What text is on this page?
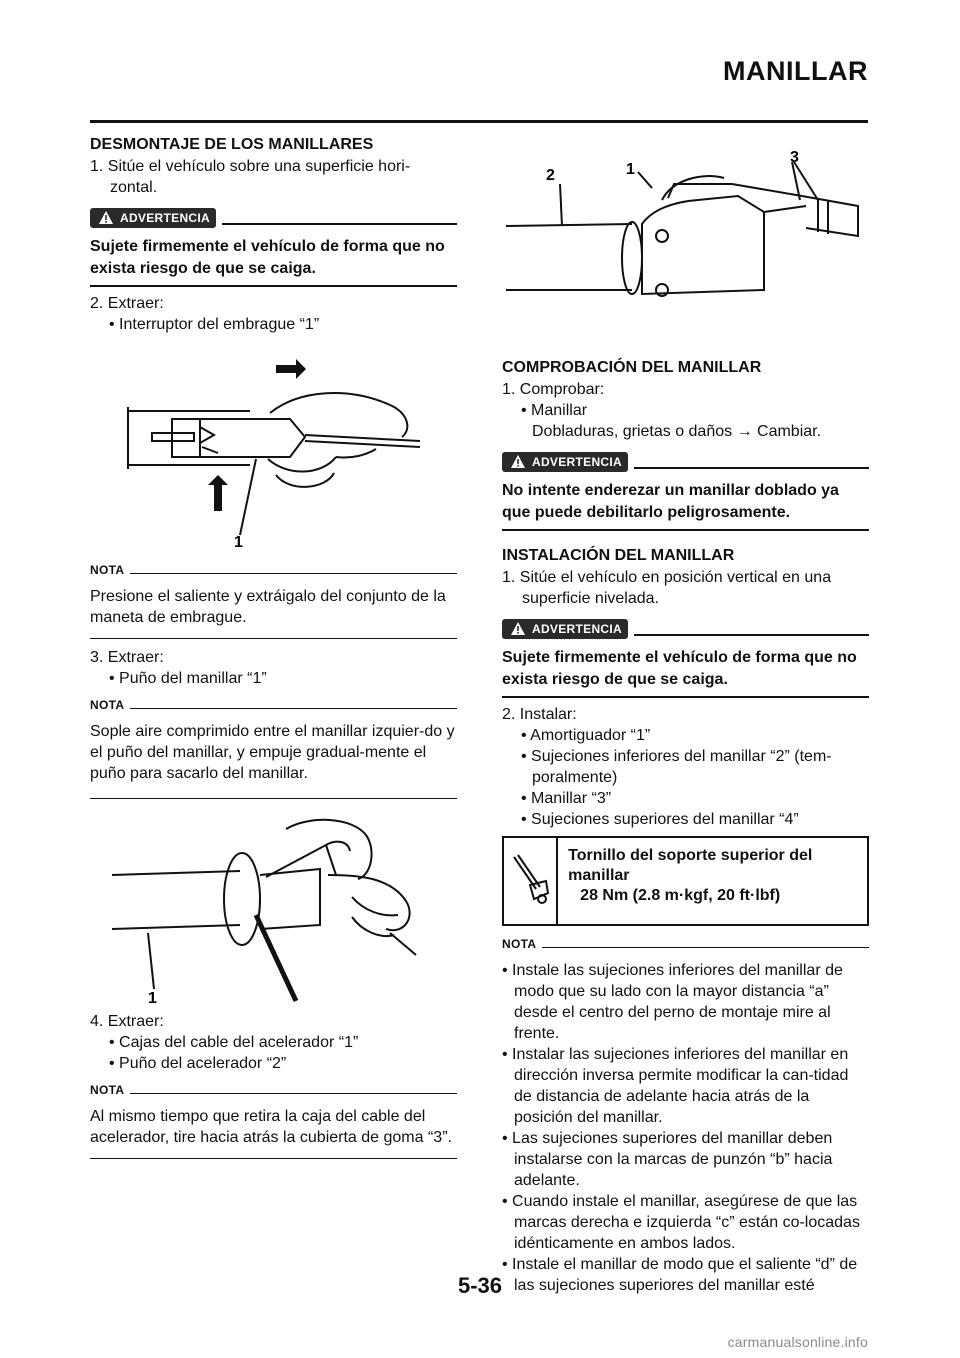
MANILLAR
DESMONTAJE DE LOS MANILLARES
1. Sitúe el vehículo sobre una superficie hori-
zontal.
ADVERTENCIA
Sujete firmemente el vehículo de forma que no exista riesgo de que se caiga.
2. Extraer:
• Interruptor del embrague “1”
1
NOTA
Presione el saliente y extráigalo del conjunto de la maneta de embrague.
3. Extraer:
• Puño del manillar “1”
NOTA
Sople aire comprimido entre el manillar izquier-do y el puño del manillar, y empuje gradual-mente el puño para sacarlo del manillar.
1
4. Extraer:
• Cajas del cable del acelerador “1”
• Puño del acelerador “2”
NOTA
Al mismo tiempo que retira la caja del cable del acelerador, tire hacia atrás la cubierta de goma “3”.
2	1
3
COMPROBACIÓN DEL MANILLAR
1. Comprobar:
• Manillar
Dobladuras, grietas o daños → Cambiar.
ADVERTENCIA
No intente enderezar un manillar doblado ya que puede debilitarlo peligrosamente.
INSTALACIÓN DEL MANILLAR
1. Sitúe el vehículo en posición vertical en una superficie nivelada.
ADVERTENCIA
Sujete firmemente el vehículo de forma que no exista riesgo de que se caiga.
2. Instalar:
• Amortiguador “1”
• Sujeciones inferiores del manillar “2” (tem-poralmente)
• Manillar “3”
• Sujeciones superiores del manillar “4”
Tornillo del soporte superior del manillar
28 Nm (2.8 m·kgf, 20 ft·lbf)
NOTA
• Instale las sujeciones inferiores del manillar de modo que su lado con la mayor distancia “a” desde el centro del perno de montaje mire al frente.
• Instalar las sujeciones inferiores del manillar en dirección inversa permite modificar la can-tidad de distancia de adelante hacia atrás de la posición del manillar.
• Las sujeciones superiores del manillar deben instalarse con la marcas de punzón “b” hacia adelante.
• Cuando instale el manillar, asegúrese de que las marcas derecha e izquierda “c” están co-locadas idénticamente en ambos lados.
• Instale el manillar de modo que el saliente “d” de las sujeciones superiores del manillar esté
5-36
carmanualsonline.info
